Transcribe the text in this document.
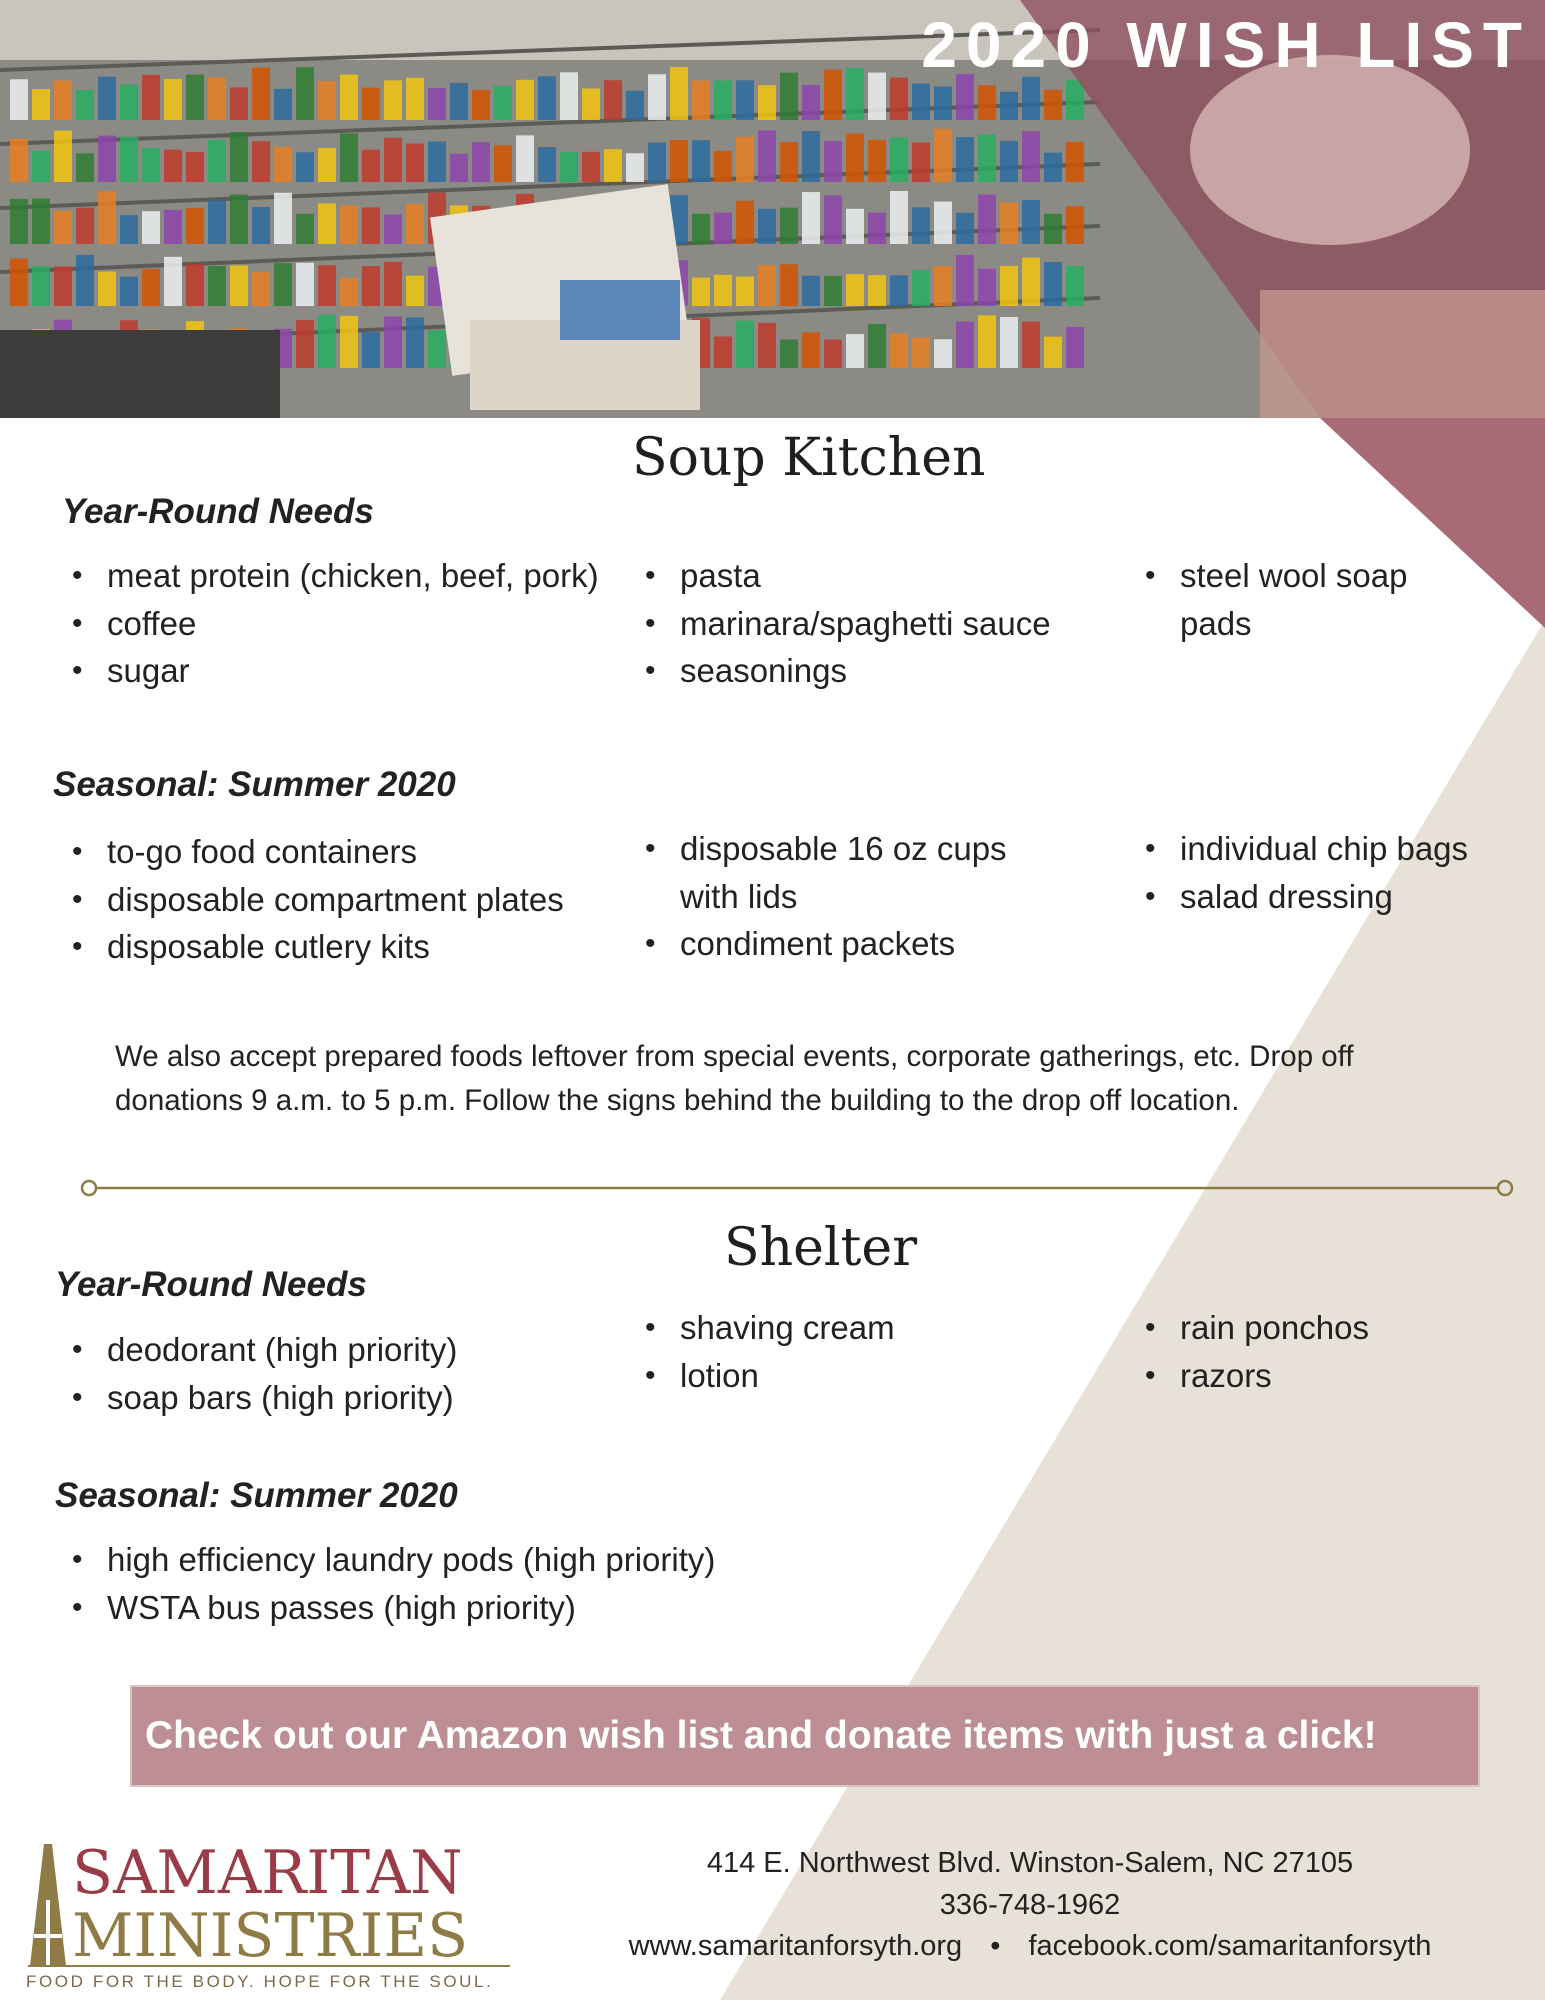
2020 WISH LIST
Soup Kitchen
Year-Round Needs
• meat protein (chicken, beef, pork)
• coffee
• sugar
• pasta
• marinara/spaghetti sauce
• seasonings
• steel wool soap pads
Seasonal: Summer 2020
• to-go food containers
• disposable compartment plates
• disposable cutlery kits
• disposable 16 oz cups with lids
• condiment packets
• individual chip bags
• salad dressing
We also accept prepared foods leftover from special events, corporate gatherings, etc. Drop off donations 9 a.m. to 5 p.m. Follow the signs behind the building to the drop off location.
Shelter
Year-Round Needs
• deodorant (high priority)
• soap bars (high priority)
• shaving cream
• lotion
• rain ponchos
• razors
Seasonal: Summer 2020
• high efficiency laundry pods (high priority)
• WSTA bus passes (high priority)
Check out our Amazon wish list and donate items with just a click!
SAMARITAN
MINISTRIES
FOOD FOR THE BODY. HOPE FOR THE SOUL.
414 E. Northwest Blvd. Winston-Salem, NC 27105
336-748-1962
www.samaritanforsyth.org • facebook.com/samaritanforsyth
